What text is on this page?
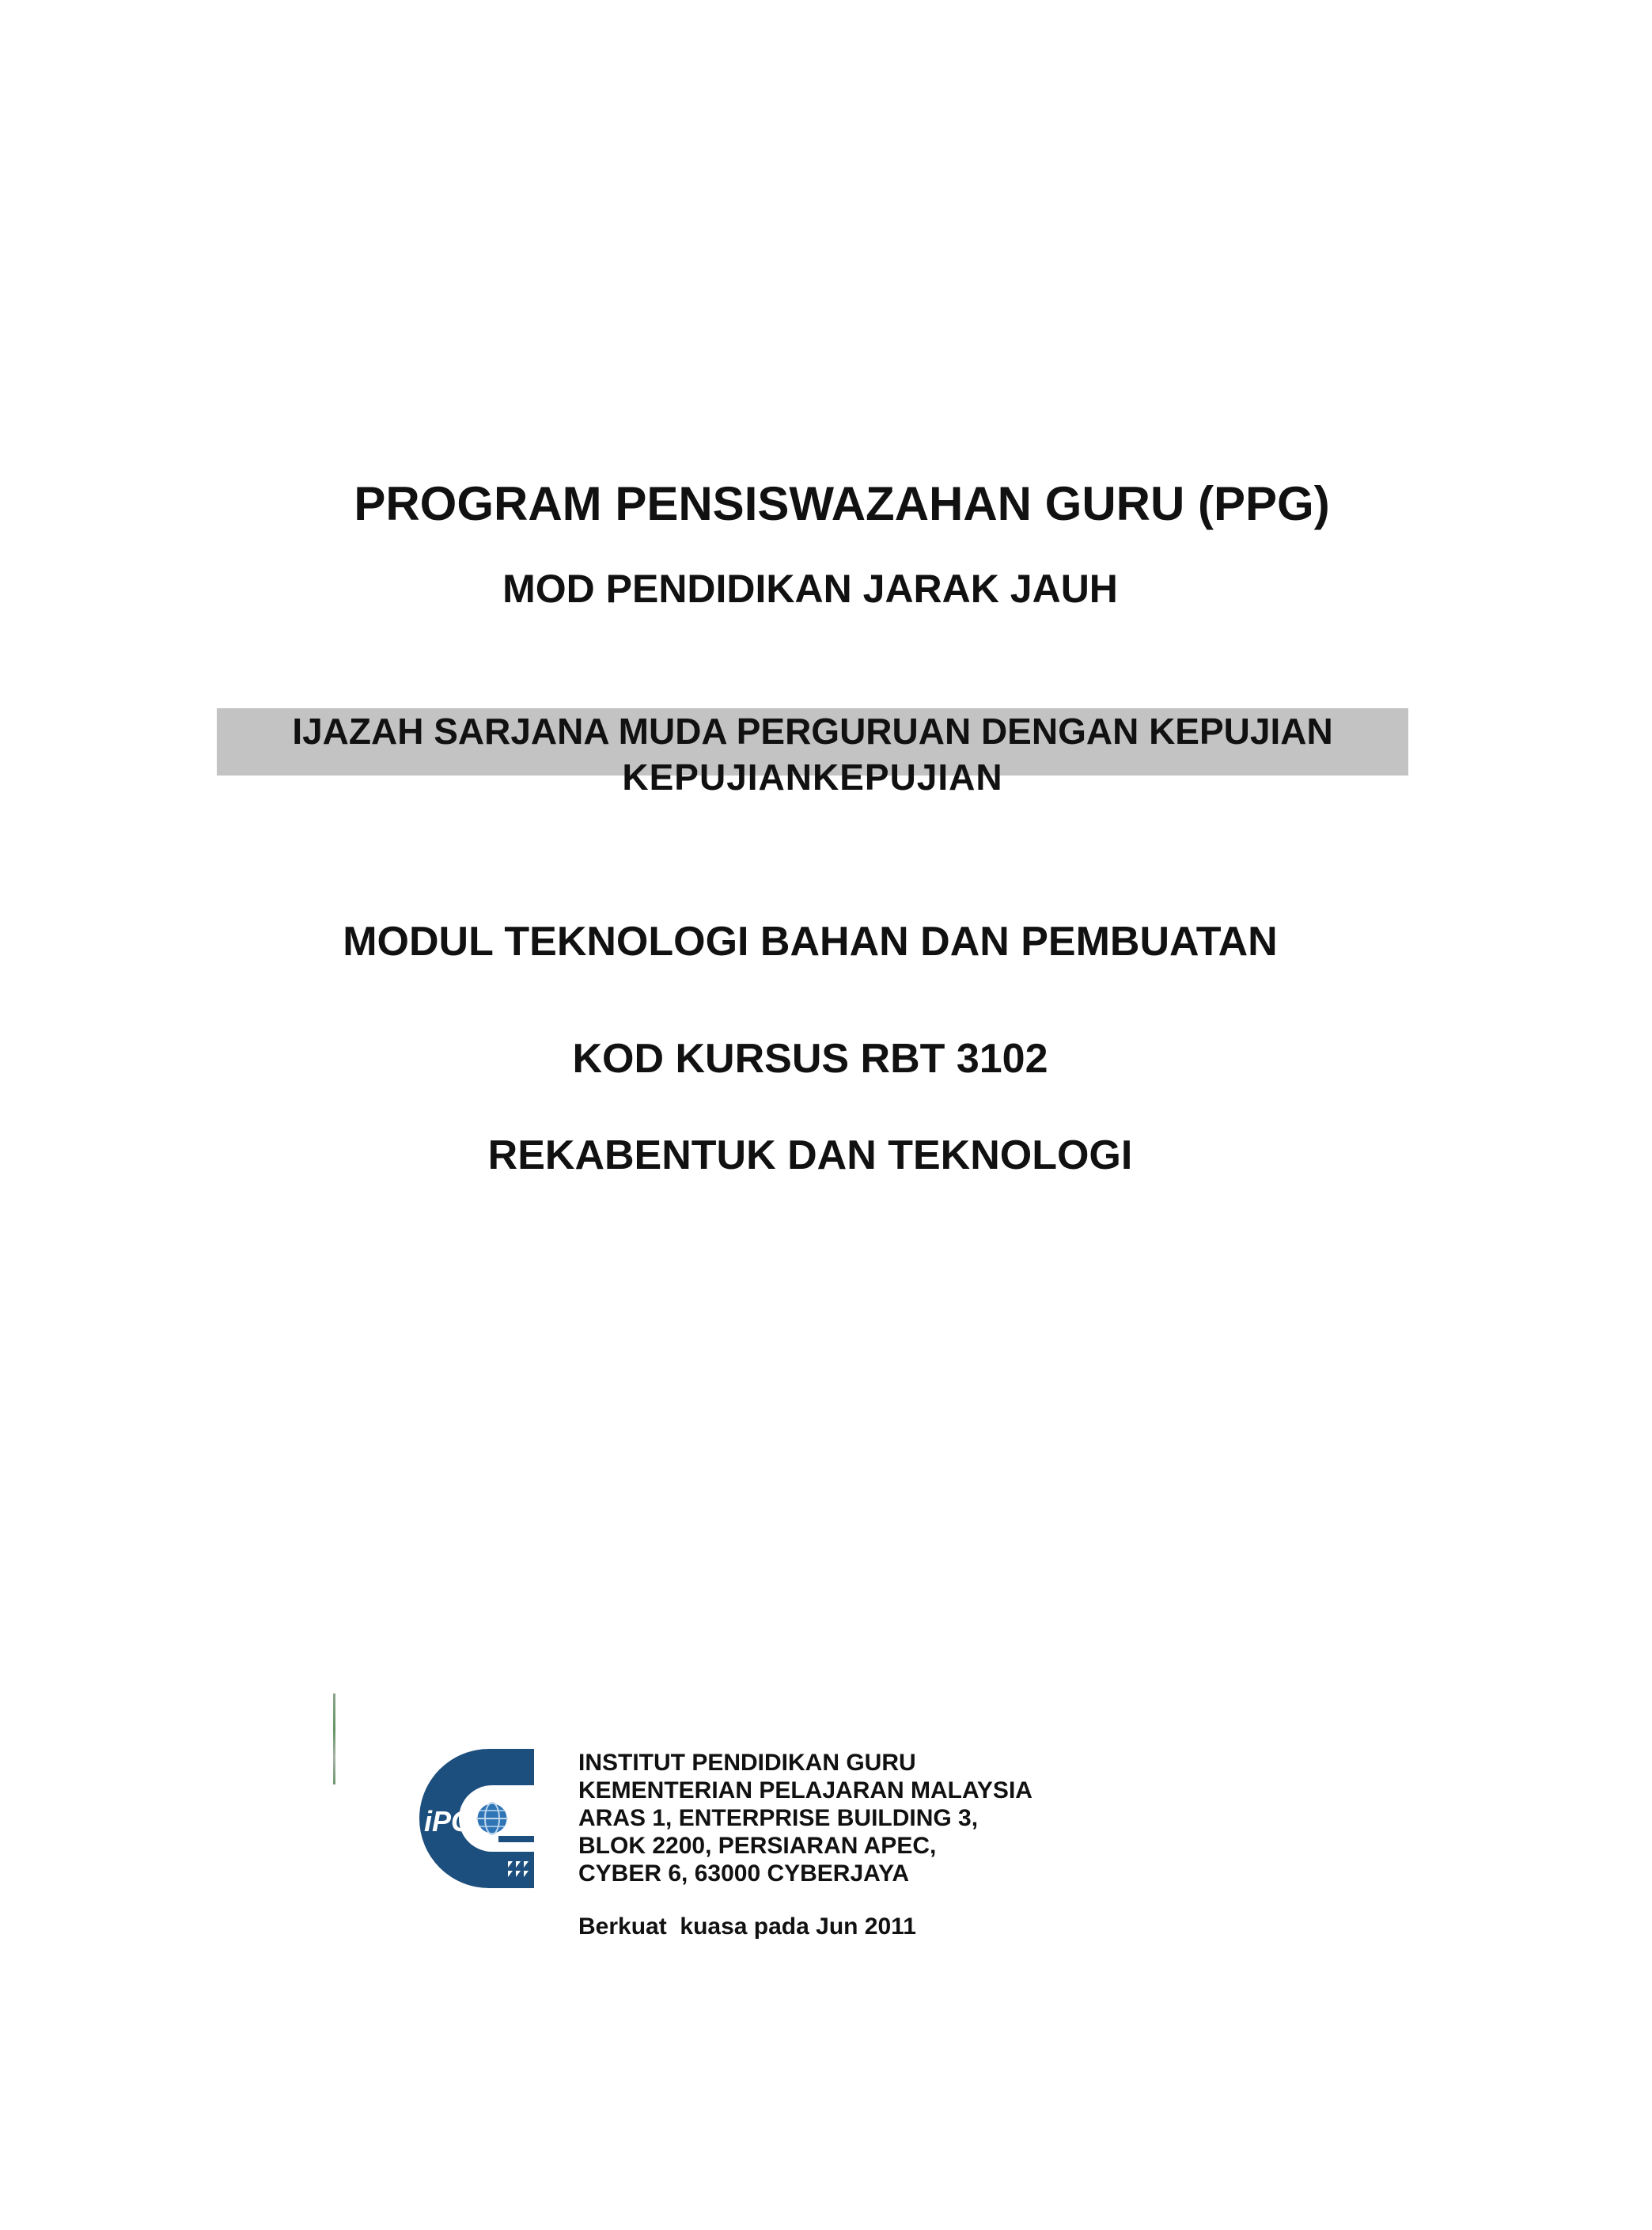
PROGRAM PENSISWAZAHAN GURU (PPG)
MOD PENDIDIKAN JARAK JAUH
IJAZAH SARJANA MUDA PERGURUAN DENGAN KEPUJIAN
KEPUJIANKEPUJIAN
MODUL TEKNOLOGI BAHAN DAN PEMBUATAN
KOD KURSUS RBT 3102
REKABENTUK DAN TEKNOLOGI
iPG
INSTITUT PENDIDIKAN GURU
KEMENTERIAN PELAJARAN MALAYSIA
ARAS 1, ENTERPRISE BUILDING 3,
BLOK 2200, PERSIARAN APEC,
CYBER 6, 63000 CYBERJAYA
Berkuat  kuasa pada Jun 2011
